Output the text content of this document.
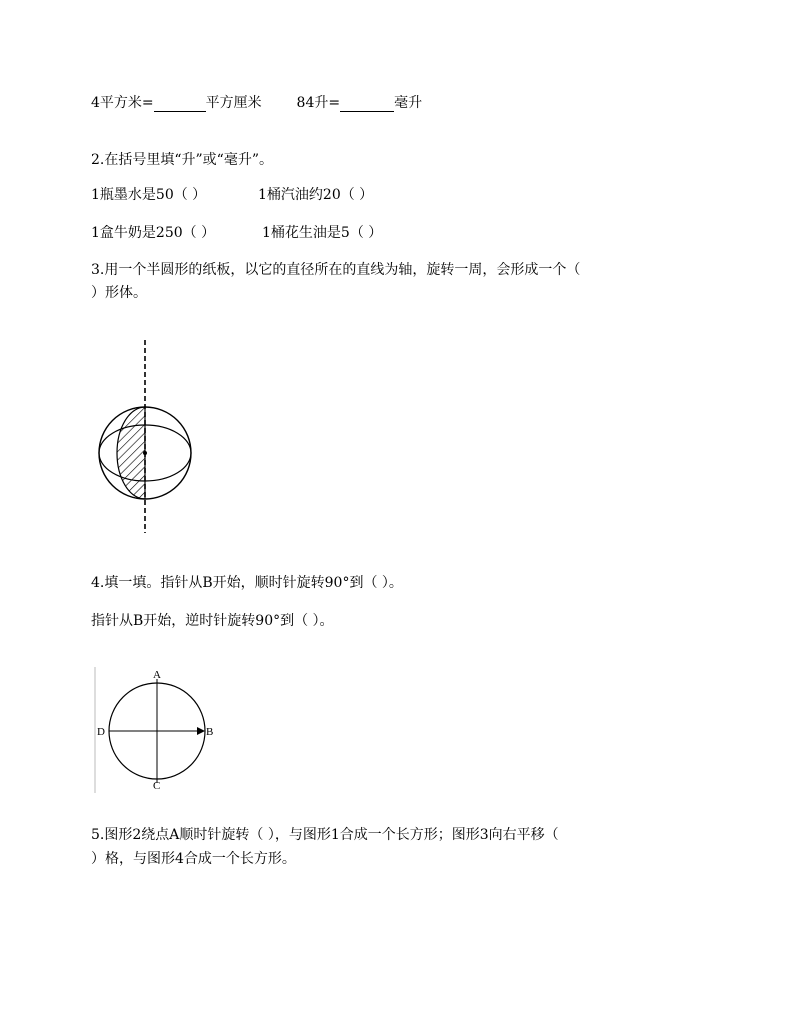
4平方米=	平方厘米 84升=	毫升
2.在括号里填“升”或“毫升”。
1瓶墨水是50（ ）	1桶汽油约20（ ）
1盒牛奶是250（ ）	1桶花生油是5（ ）
3.用一个半圆形的纸板，以它的直径所在的直线为轴，旋转一周，会形成一个（
）形体。
4.填一填。指针从B开始，顺时针旋转90°到（ ）。
指针从B开始，逆时针旋转90°到（ ）。
A
B
C
D
5.图形2绕点A顺时针旋转（ ），与图形1合成一个长方形；图形3向右平移（
）格，与图形4合成一个长方形。
